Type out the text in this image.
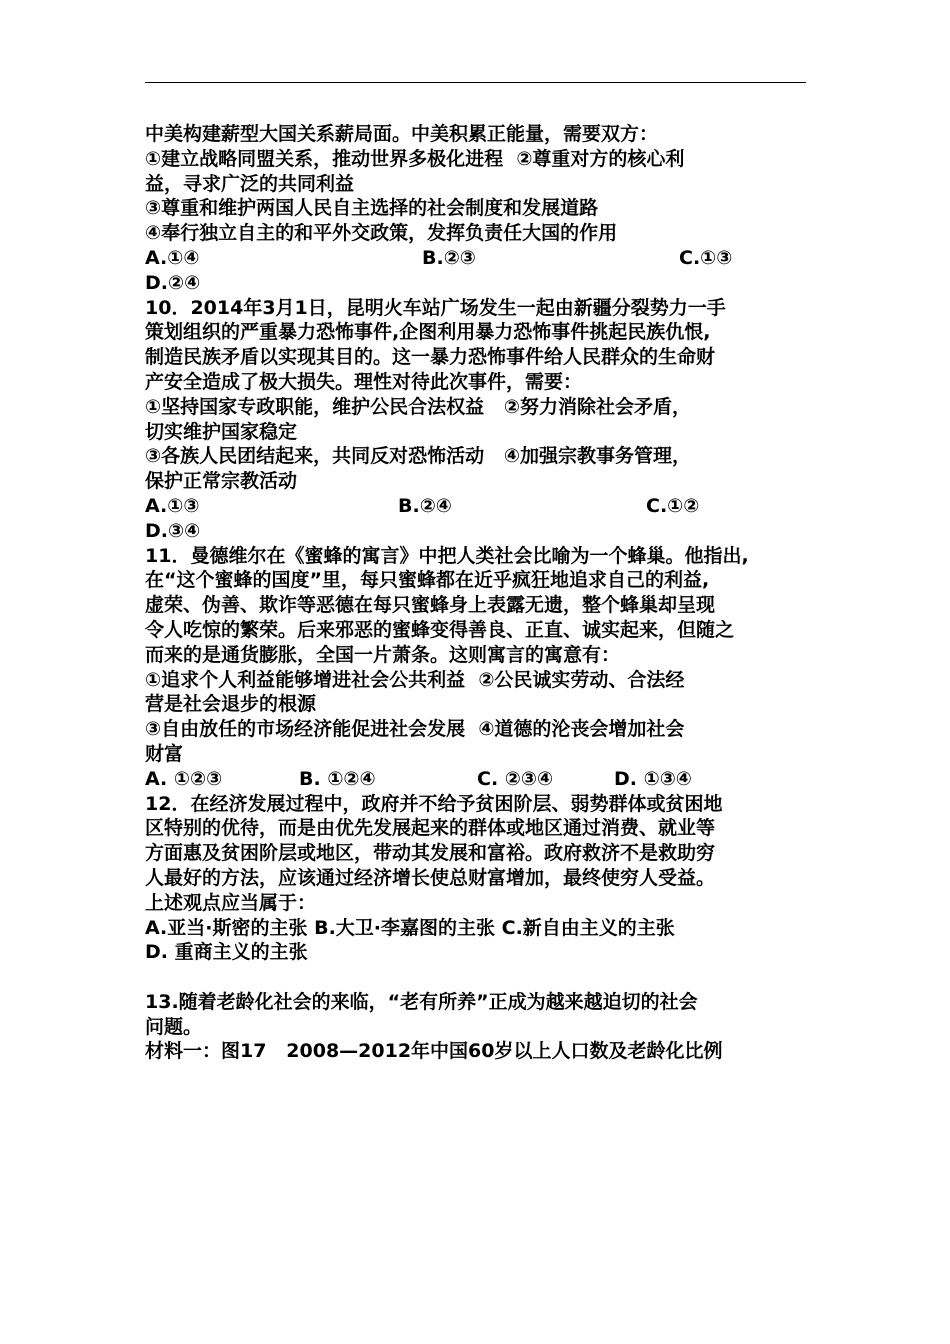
中美构建薪型大国关系薪局面。中美积累正能量，需要双方：
①建立战略同盟关系，推动世界多极化进程  ②尊重对方的核心利
益，寻求广泛的共同利益
③尊重和维护两国人民自主选择的社会制度和发展道路
④奉行独立自主的和平外交政策，发挥负责任大国的作用
A.①④	B.②③	C.①③
D.②④
10．2014年3月1日，昆明火车站广场发生一起由新疆分裂势力一手
策划组织的严重暴力恐怖事件,企图利用暴力恐怖事件挑起民族仇恨,
制造民族矛盾以实现其目的。这一暴力恐怖事件给人民群众的生命财
产安全造成了极大损失。理性对待此次事件，需要：
①坚持国家专政职能，维护公民合法权益   ②努力消除社会矛盾，
切实维护国家稳定
③各族人民团结起来，共同反对恐怖活动   ④加强宗教事务管理，
保护正常宗教活动
A.①③	B.②④	C.①②
D.③④
11．曼德维尔在《蜜蜂的寓言》中把人类社会比喻为一个蜂巢。他指出,
在“这个蜜蜂的国度”里，每只蜜蜂都在近乎疯狂地追求自己的利益,
虚荣、伪善、欺诈等恶德在每只蜜蜂身上表露无遗，整个蜂巢却呈现
令人吃惊的繁荣。后来邪恶的蜜蜂变得善良、正直、诚实起来，但随之
而来的是通货膨胀，全国一片萧条。这则寓言的寓意有：
①追求个人利益能够增进社会公共利益  ②公民诚实劳动、合法经
营是社会退步的根源
③自由放任的市场经济能促进社会发展  ④道德的沦丧会增加社会
财富
A. ①②③	B. ①②④	C. ②③④	D. ①③④
12．在经济发展过程中，政府并不给予贫困阶层、弱势群体或贫困地
区特别的优待，而是由优先发展起来的群体或地区通过消费、就业等
方面惠及贫困阶层或地区，带动其发展和富裕。政府救济不是救助穷
人最好的方法，应该通过经济增长使总财富增加，最终使穷人受益。
上述观点应当属于：
A.亚当·斯密的主张 B.大卫·李嘉图的主张 C.新自由主义的主张
D. 重商主义的主张
13.随着老龄化社会的来临，“老有所养”正成为越来越迫切的社会
问题。
材料一：图17   2008—2012年中国60岁以上人口数及老龄化比例
